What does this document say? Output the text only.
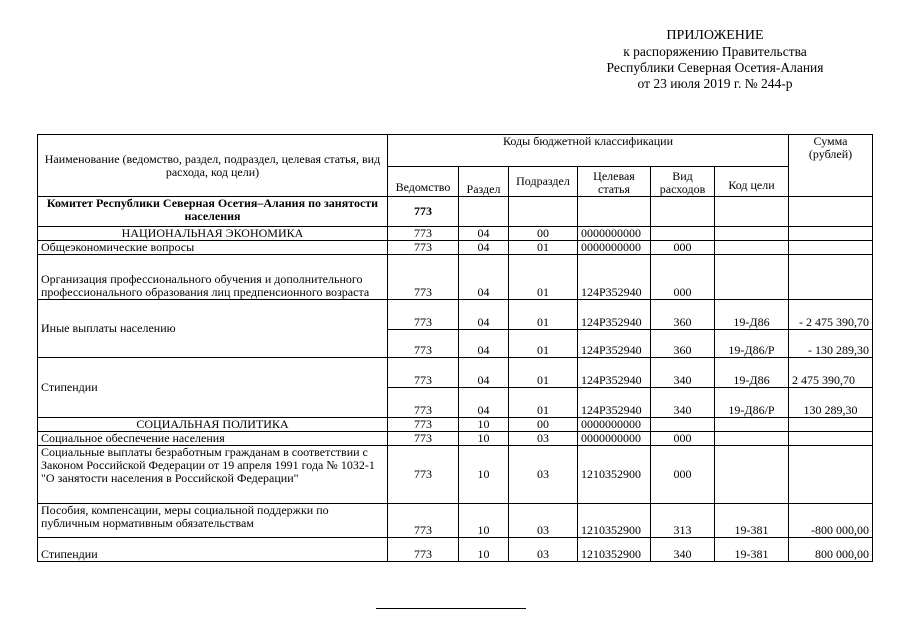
ПРИЛОЖЕНИЕ
к распоряжению Правительства
Республики Северная Осетия-Алания
от 23 июля 2019 г. № 244-р
Наименование (ведомство, раздел, подраздел, целевая статья, вид расхода, код цели)	Коды бюджетной классификации						Сумма (рублей)
	Ведомство	Раздел	Подраздел	Целевая статья	Вид расходов	Код цели	
Комитет Республики Северная Осетия–Алания по занятости населения	773						
НАЦИОНАЛЬНАЯ ЭКОНОМИКА	773	04	00	0000000000			
Общеэкономические вопросы	773	04	01	0000000000	000		
Организация профессионального обучения и дополнительного профессионального образования лиц предпенсионного возраста	773	04	01	124P352940	000		
Иные выплаты населению	773	04	01	124P352940	360	19-Д86	- 2 475 390,70
	773	04	01	124P352940	360	19-Д86/Р	- 130 289,30
Стипендии	773	04	01	124P352940	340	19-Д86	2 475 390,70
	773	04	01	124P352940	340	19-Д86/Р	130 289,30
СОЦИАЛЬНАЯ ПОЛИТИКА	773	10	00	0000000000			
Социальное обеспечение населения	773	10	03	0000000000	000		
Социальные выплаты безработным гражданам в соответствии с Законом Российской Федерации от 19 апреля 1991 года № 1032-1 "О занятости населения в Российской Федерации"	773	10	03	1210352900	000		
Пособия, компенсации, меры социальной поддержки по публичным нормативным обязательствам	773	10	03	1210352900	313	19-381	-800 000,00
Стипендии	773	10	03	1210352900	340	19-381	800 000,00
